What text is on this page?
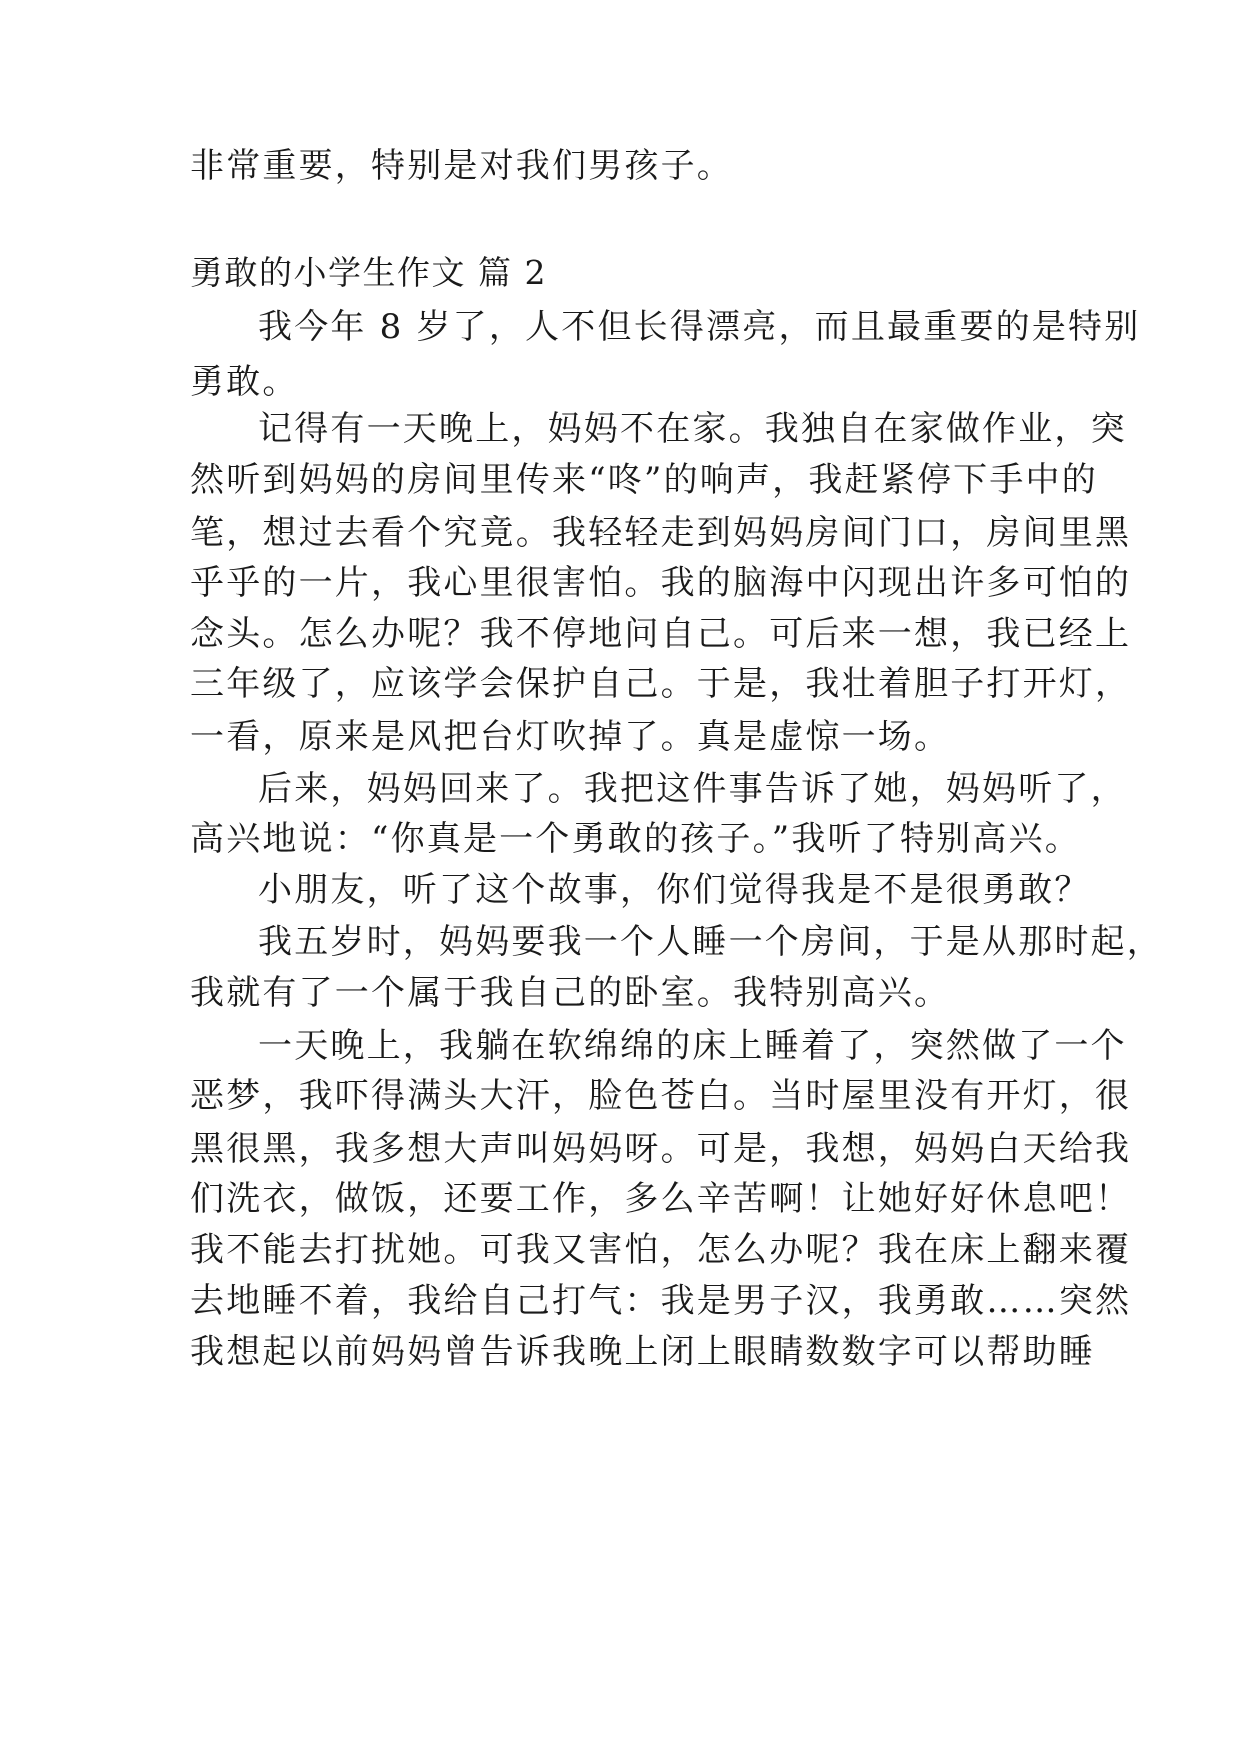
非常重要，特别是对我们男孩子。
勇敢的小学生作文 篇 2
我今年 8 岁了，人不但长得漂亮，而且最重要的是特别
勇敢。
记得有一天晚上，妈妈不在家。我独自在家做作业，突
然听到妈妈的房间里传来“咚”的响声，我赶紧停下手中的
笔，想过去看个究竟。我轻轻走到妈妈房间门口，房间里黑
乎乎的一片，我心里很害怕。我的脑海中闪现出许多可怕的
念头。怎么办呢？我不停地问自己。可后来一想，我已经上
三年级了，应该学会保护自己。于是，我壮着胆子打开灯，
一看，原来是风把台灯吹掉了。真是虚惊一场。
后来，妈妈回来了。我把这件事告诉了她，妈妈听了，
高兴地说：“你真是一个勇敢的孩子。”我听了特别高兴。
小朋友，听了这个故事，你们觉得我是不是很勇敢？
我五岁时，妈妈要我一个人睡一个房间，于是从那时起，
我就有了一个属于我自己的卧室。我特别高兴。
一天晚上，我躺在软绵绵的床上睡着了，突然做了一个
恶梦，我吓得满头大汗，脸色苍白。当时屋里没有开灯，很
黑很黑，我多想大声叫妈妈呀。可是，我想，妈妈白天给我
们洗衣，做饭，还要工作，多么辛苦啊！让她好好休息吧！
我不能去打扰她。可我又害怕，怎么办呢？我在床上翻来覆
去地睡不着，我给自己打气：我是男子汉，我勇敢……突然
我想起以前妈妈曾告诉我晚上闭上眼睛数数字可以帮助睡
